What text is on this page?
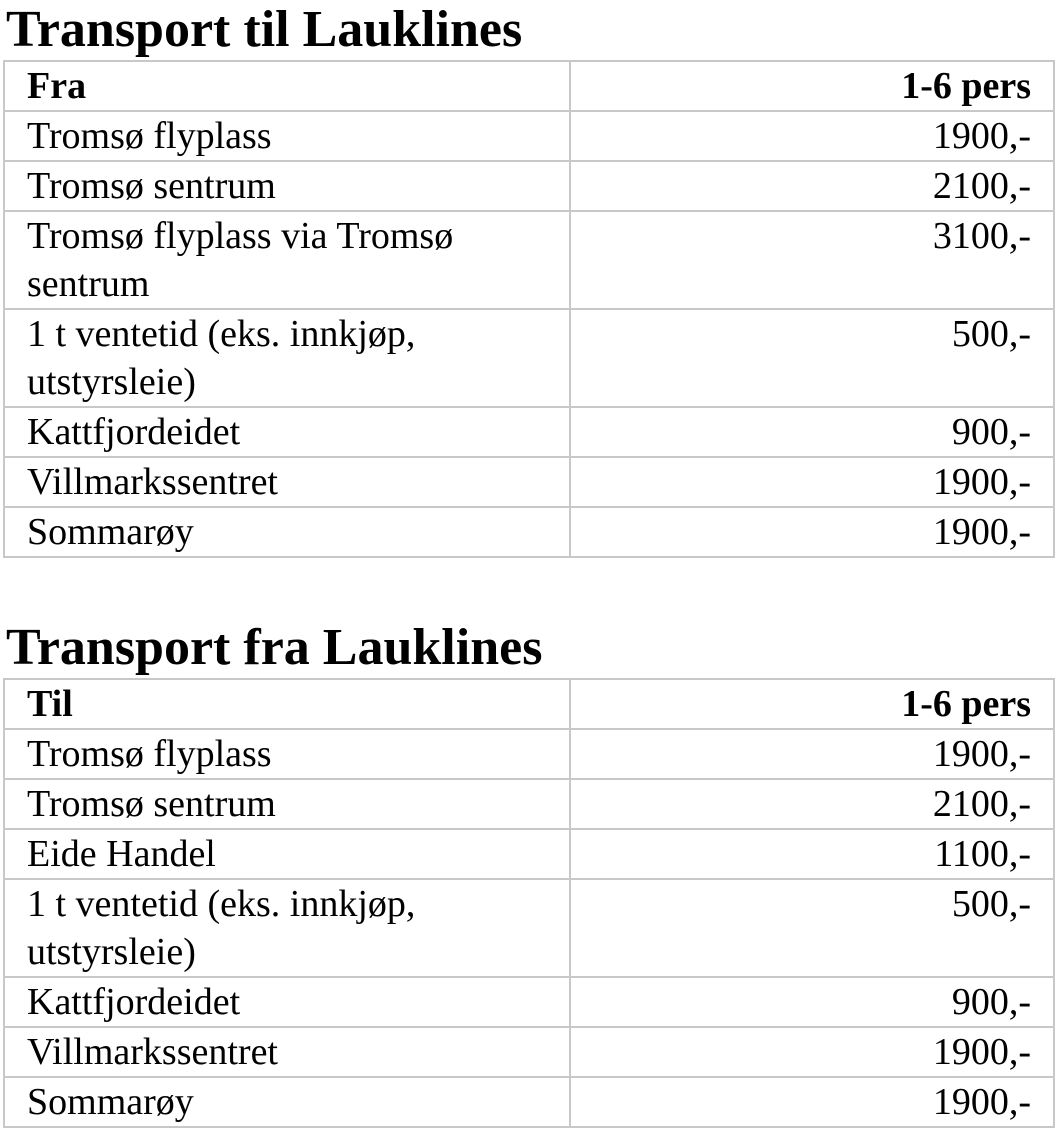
Transport til Lauklines
Fra	1-6 pers
Tromsø flyplass	1900,-
Tromsø sentrum	2100,-
Tromsø flyplass via Tromsø sentrum	3100,-
1 t ventetid (eks. innkjøp, utstyrsleie)	500,-
Kattfjordeidet	900,-
Villmarkssentret	1900,-
Sommarøy	1900,-
Transport fra Lauklines
Til	1-6 pers
Tromsø flyplass	1900,-
Tromsø sentrum	2100,-
Eide Handel	1100,-
1 t ventetid (eks. innkjøp, utstyrsleie)	500,-
Kattfjordeidet	900,-
Villmarkssentret	1900,-
Sommarøy	1900,-
